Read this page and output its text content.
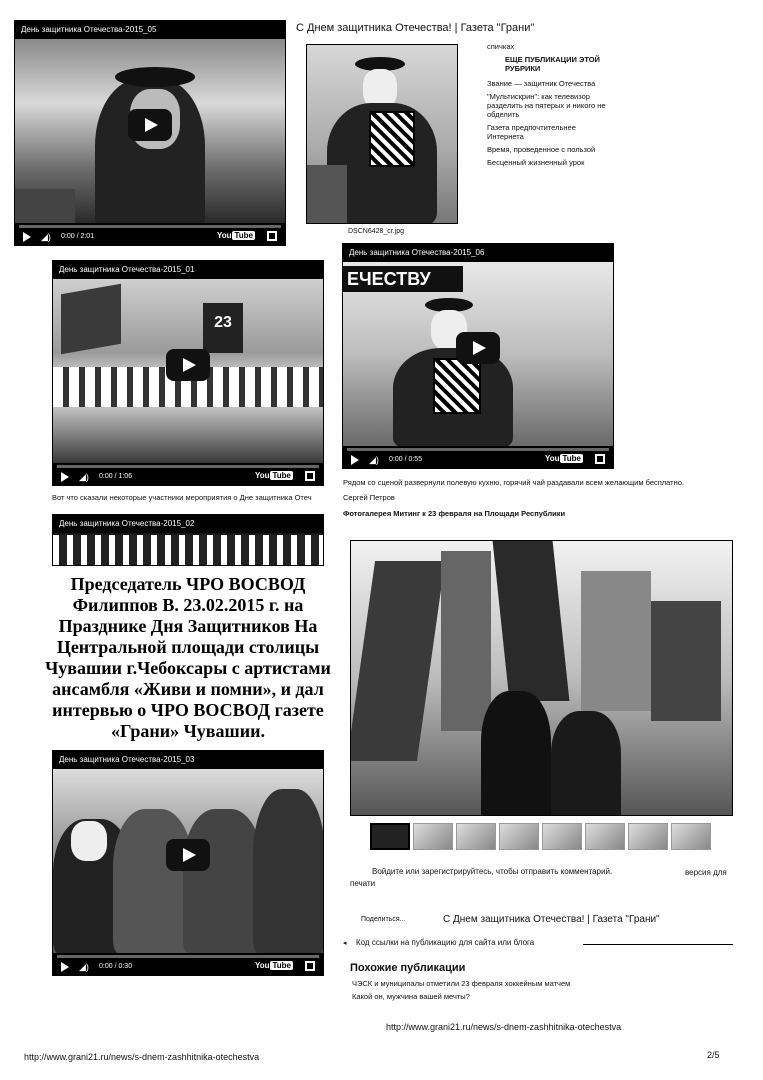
День защитника Отечества-2015_05
◢) 0:00 / 2:01	You Tube
С Днем защитника Отечества! | Газета "Грани"
DSCN6428_cr.jpg
спичках
ЕЩЕ ПУБЛИКАЦИИ ЭТОЙ РУБРИКИ
Звание — защитник Отечества
"Мультискрин": как телевизор разделить на пятерых и никого не обделить
Газета предпочтительнее Интернета
Время, проведенное с пользой
Бесценный жизненный урок
День защитника Отечества-2015_01
23
◢) 0:00 / 1:06	You Tube
День защитника Отечества-2015_06
ЕЧЕСТВУ
◢) 0:00 / 0:55	You Tube
Вот что сказали некоторые участники мероприятия о Дне защитника Отеч
Рядом со сценой развернули полевую кухню, горячий чай раздавали всем желающим бесплатно.
Сергей Петров
Фотогалерея Митинг к 23 февраля на Площади Республики
День защитника Отечества-2015_02
Председатель ЧРО ВОСВОД Филиппов В. 23.02.2015 г. на Празднике Дня Защитников На Центральной площади столицы Чувашии г.Чебоксары с артистами ансамбля «Живи и помни», и дал интервью о ЧРО ВОСВОД газете «Грани» Чувашии.
Войдите или зарегистрируйтесь, чтобы отправить комментарий.	версия для печати
День защитника Отечества-2015_03
◢) 0:00 / 0:30	You Tube
Поделиться...	С Днем защитника Отечества! | Газета "Грани"
◂ Код ссылки на публикацию для сайта или блога
Похожие публикации
ЧЭСК и муниципалы отметили 23 февраля хоккейным матчем
Какой он, мужчина вашей мечты?
http://www.grani21.ru/news/s-dnem-zashhitnika-otechestva
http://www.grani21.ru/news/s-dnem-zashhitnika-otechestva	2/5
